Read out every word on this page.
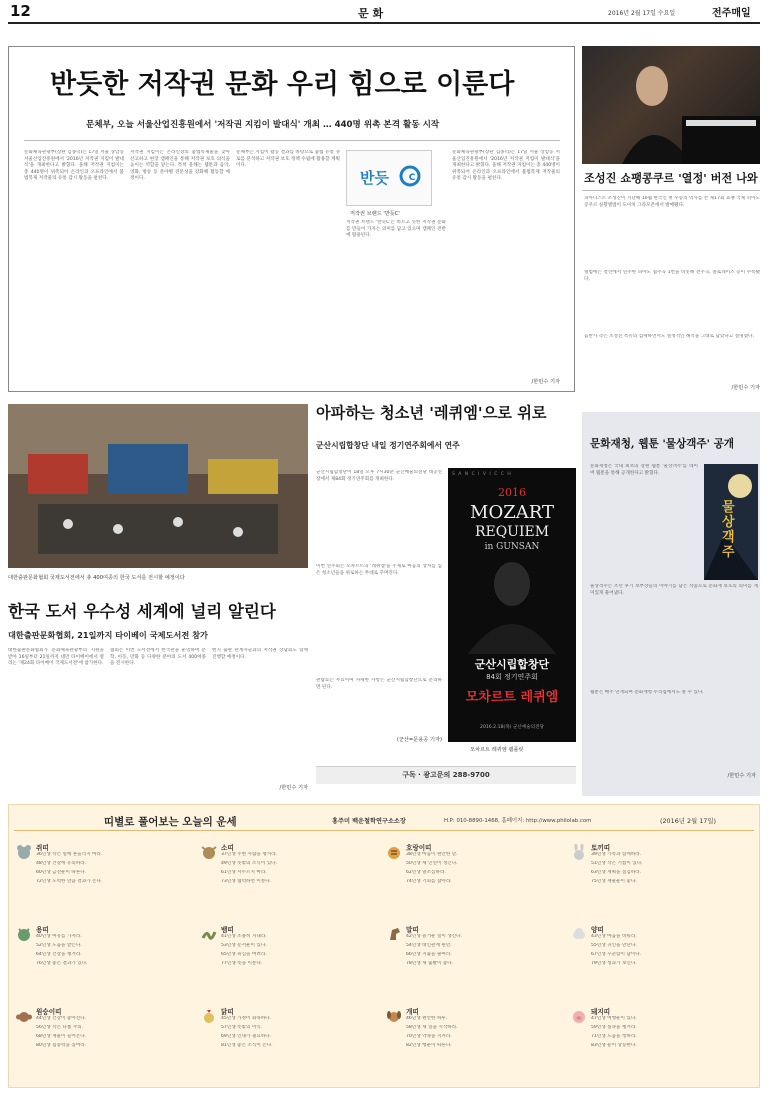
12	문 화	2016년 2월 17일 수요일	전주매일
반듯한 저작권 문화 우리 힘으로 이룬다
문체부, 오늘 서울산업진흥원에서 '저작권 지킴이 발대식' 개최 … 440명 위촉 본격 활동 시작
문화체육관광부(장관 김종덕)는 17일 서울 상암동 서울산업진흥원에서 '2016년 저작권 지킴이 발대식'을 개최한다고 밝혔다. 올해 저작권 지킴이는 총 440명이 위촉되어 온라인과 오프라인에서 불법복제 저작물의 유통 감시 활동을 펼친다.
저작권 지킴이는 온라인상의 불법복제물을 찾아 신고하고 현장 캠페인을 통해 저작권 보호 의식을 높이는 역할을 맡는다. 특히 올해는 웹툰과 음악, 영화, 방송 등 분야별 전문성을 강화해 활동할 예정이다.
문체부는 지킴이 활동 결과를 바탕으로 불법 유통 경로를 분석하고 저작권 보호 정책 수립에 활용할 계획이다.
C
반듯
저작권 브랜드 '반듯C'
저작권 브랜드 '반듯C'는 바르고 듯한 저작권 문화를 만들어 가자는 의미를 담고 있으며 캠페인 전반에 활용된다.
문화체육관광부(장관 김종덕)는 17일 서울 상암동 서울산업진흥원에서 '2016년 저작권 지킴이 발대식'을 개최한다고 밝혔다. 올해 저작권 지킴이는 총 440명이 위촉되어 온라인과 오프라인에서 불법복제 저작물의 유통 감시 활동을 펼친다.
/한민수 기자
조성진 쇼팽콩쿠르 '열정' 버전 나와
피아니스트 조성진이 지난해 10월 한국인 첫 우승의 역사를 쓴 제17회 쇼팽 국제 피아노 콩쿠르 실황앨범이 도이치 그라모폰에서 발매됐다.
앨범에는 결선에서 연주한 피아노 협주곡 1번을 비롯해 전주곡, 폴로네이즈 등이 수록됐다.
음반사 측은 조성진 특유의 섬세하면서도 열정적인 해석을 그대로 담았다고 설명했다.
/한민수 기자
대한출판문화협회 국제도서전에서 총 400여종의 한국 도서를 전시할 예정이다
한국 도서 우수성 세계에 널리 알린다
대한출판문화협회, 21일까지 타이베이 국제도서전 참가
대한출판문화협회가 문화체육관광부의 지원을 받아 16일부터 21일까지 대만 타이베이에서 열리는 '제24회 타이베이 국제도서전'에 참가한다.
협회는 이번 도서전에서 한국관을 운영하며 문학, 아동, 만화 등 다양한 분야의 도서 400여종을 전시한다.
현지 출판 관계자들과의 저작권 상담회도 함께 진행할 예정이다.
/한민수 기자
아파하는 청소년 '레퀴엠'으로 위로
군산시립합창단 내일 정기연주회에서 연주
군산시립합창단이 18일 오후 7시30분 군산예술의전당 대공연장에서 제84회 정기연주회를 개최한다.
이번 연주회는 모차르트의 '레퀴엠'을 주제로 마음의 상처를 입은 청소년들을 위로하는 무대로 꾸며진다.
관람료는 무료이며 자세한 사항은 군산시립합창단으로 문의하면 된다.
(군산=문용공 기자)
S A N C I V I C C H
2016
MOZART
REQUIEM
in GUNSAN
군산시립합창단
84회 정기연주회
모차르트 레퀴엠
2016.2.18(목) 군산예술의전당
모차르트 레퀴엠 팸플릿
구독 · 광고문의 288-9700
문화재청, 웹툰 '물상객주' 공개
문화재청은 국내 최초의 장편 웹툰 '물상객주'를 네이버 웹툰을 통해 공개한다고 밝혔다.
물상객주
물상객주는 조선 후기 보부상들의 이야기를 담은 작품으로 문화재 보호의 의미를 재미있게 풀어냈다.
웹툰은 매주 연재되며 문화재청 누리집에서도 볼 수 있다.
/한민수 기자
띠별로 풀어보는 오늘의 운세	홍주미 백운철학연구소소장	H.P: 010-8890-1468, 홈페이지: http://www.philolab.com	(2016년 2월 17일)
쥐띠
36년생 작은 일에 흔들리지 마라.
48년생 건강에 유의하라.
60년생 금전운이 따른다.
72년생 노력한 만큼 결과가 온다.
소띠
37년생 주변 사람을 챙겨라.
49년생 뜻밖의 소식이 있다.
61년생 서두르지 마라.
73년생 협력하면 이룬다.
호랑이띠
38년생 마음이 편안한 날.
50년생 새 인연이 생긴다.
62년생 말조심하라.
74년생 기회를 잡아라.
토끼띠
39년생 가족과 함께하라.
51년생 작은 기쁨이 있다.
63년생 계획을 점검하라.
75년생 재물운이 좋다.
용띠
40년생 여유를 가져라.
52년생 도움을 받는다.
64년생 건강을 챙겨라.
76년생 좋은 결과가 있다.
뱀띠
41년생 조용히 지내라.
53년생 문서운이 있다.
65년생 욕심을 버려라.
77년생 뜻을 이룬다.
말띠
42년생 즐거운 일이 생긴다.
54년생 대인관계 원만.
66년생 지출을 줄여라.
78년생 새 출발이 좋다.
양띠
43년생 마음을 비워라.
55년생 귀인을 만난다.
67년생 꾸준함이 답이다.
79년생 성과가 보인다.
원숭이띠
44년생 건강이 좋아진다.
56년생 작은 다툼 주의.
68년생 재물이 들어온다.
80년생 집중력을 높여라.
닭띠
45년생 가정이 화목하다.
57년생 뜻밖의 이익.
69년생 인내가 필요하다.
81년생 좋은 소식이 온다.
개띠
46년생 편안한 하루.
58년생 새 일을 시작하라.
70년생 약속을 지켜라.
82년생 행운이 따른다.
돼지띠
47년생 여행운이 있다.
59년생 실속을 챙겨라.
71년생 도움을 청하라.
83년생 운이 상승한다.
